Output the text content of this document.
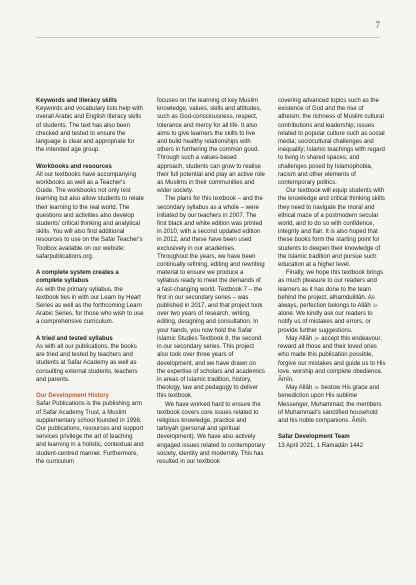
7
Keywords and literacy skills

Keywords and vocabulary lists help with overall Arabic and English literacy skills of students. The text has also been checked and tested to ensure the language is clear and appropriate for the intended age group.

Workbooks and resources

All our textbooks have accompanying workbooks as well as a Teacher's Guide. The workbooks not only test learning but also allow students to relate their learning to the real world. The questions and activities also develop students' critical thinking and analytical skills. You will also find additional resources to use on the Safar Teacher's Toolbox available on our website: safarpublications.org.

A complete system creates a complete syllabus

As with the primary syllabus, the textbook ties in with our Learn by Heart Series as well as the forthcoming Learn Arabic Series, for those who wish to use a comprehensive curriculum.

A tried and tested syllabus

As with all our publications, the books are tried and tested by teachers and students at Safar Academy as well as consulting external students, teachers and parents.

Our Development History

Safar Publications is the publishing arm of Safar Academy Trust, a Muslim supplementary school founded in 1998. Our publications, resources and support services privilege the art of teaching and learning in a holistic, contextual and student-centred manner. Furthermore, the curriculum

focuses on the learning of key Muslim knowledge, values, skills and attitudes, such as God-consciousness, respect, tolerance and mercy for all life. It also aims to give learners the skills to live and build healthy relationships with others in furthering the common good. Through such a values-based approach, students can grow to realise their full potential and play an active role as Muslims in their communities and wider society.

The plans for this textbook – and the secondary syllabus as a whole – were initiated by our teachers in 2007. The first black and white edition was printed in 2010, with a second updated edition in 2012, and these have been used exclusively in our academies. Throughout the years, we have been continually refining, editing and rewriting material to ensure we produce a syllabus ready to meet the demands of a fast-changing world. Textbook 7 – the first in our secondary series – was published in 2017, and that project took over two years of research, writing, editing, designing and consultation. In your hands, you now hold the Safar Islamic Studies Textbook 8, the second in our secondary series. This project also took over three years of development, and we have drawn on the expertise of scholars and academics in areas of Islamic tradition, history, theology, law and pedagogy to deliver this textbook.

We have worked hard to ensure the textbook covers core issues related to religious knowledge, practice and tarbiyah (personal and spiritual development). We have also actively engaged issues related to contemporary society, identity and modernity. This has resulted in our textbook

covering advanced topics such as the existence of God and the rise of atheism; the richness of Muslim cultural contributions and leadership; issues related to popular culture such as social media; sociocultural challenges and inequality; Islamic teachings with regard to living in shared spaces; and challenges posed by Islamophobia, racism and other elements of contemporary politics.

Our textbook will equip students with the knowledge and critical thinking skills they need to navigate the moral and ethical maze of a postmodern secular world, and to do so with confidence, integrity and flair. It is also hoped that these books form the starting point for students to deepen their knowledge of the Islamic tradition and pursue such education at a higher level.

Finally, we hope this textbook brings as much pleasure to our readers and learners as it has done to the team behind the project, alhamdulillāh. As always, perfection belongs to Allāh ﷻ alone. We kindly ask our readers to notify us of mistakes and errors, or provide further suggestions.

May Allāh ﷻ accept this endeavour, reward all those and their loved ones who made this publication possible, forgive our mistakes and guide us to His love, worship and complete obedience. Āmīn.

May Allāh ﷻ bestow His grace and benediction upon His sublime Messenger, Muhammad; the members of Muhammad's sanctified household and his noble companions. Āmīn.

Safar Development Team

13 April 2021, 1 Ramaḍān 1442
